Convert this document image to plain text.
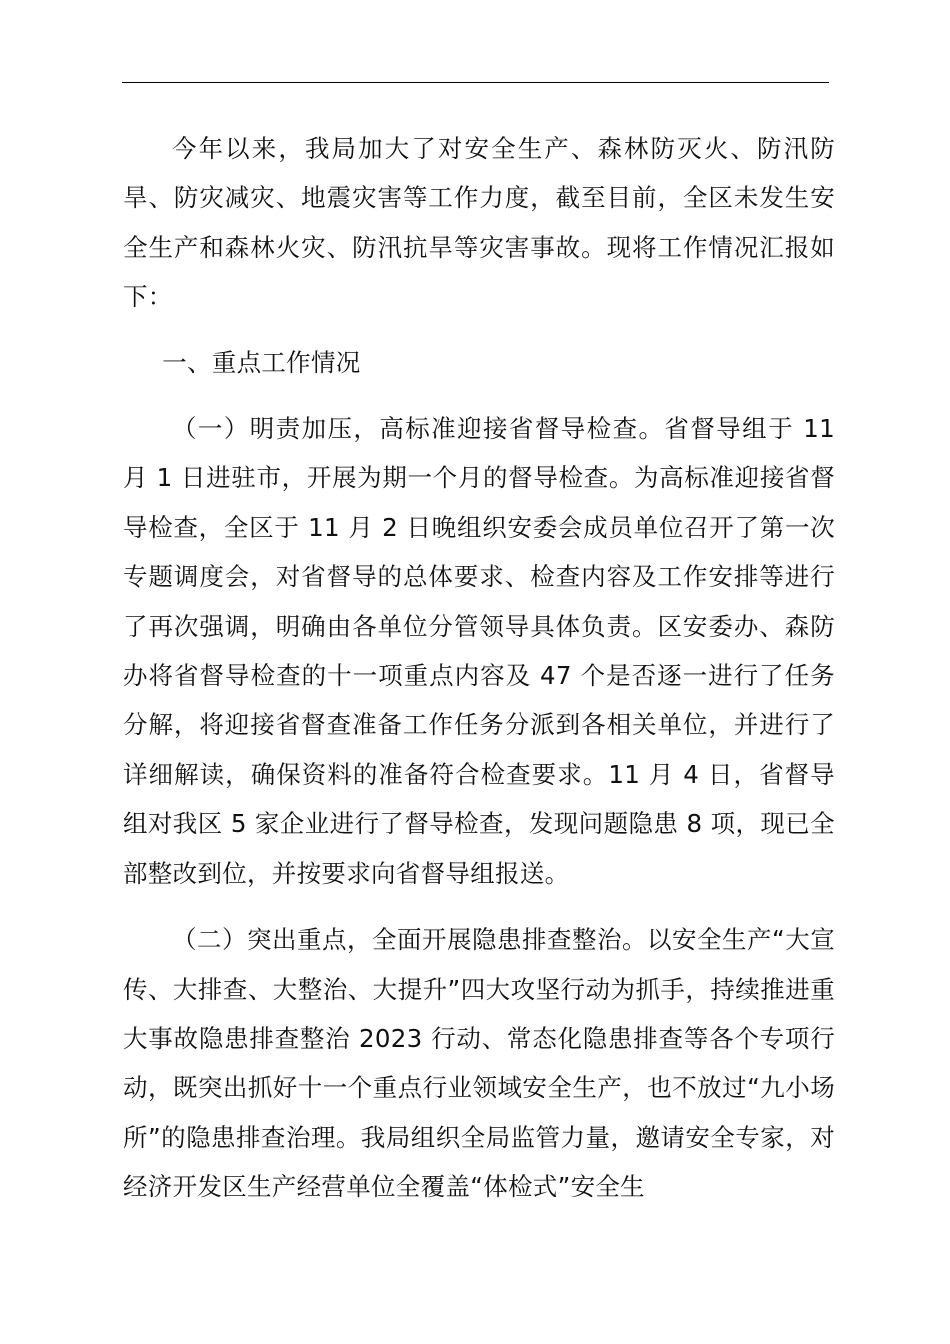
今年以来，我局加大了对安全生产、森林防灭火、防汛防旱、防灾减灾、地震灾害等工作力度，截至目前，全区未发生安全生产和森林火灾、防汛抗旱等灾害事故。现将工作情况汇报如下：

一、重点工作情况

（一）明责加压，高标准迎接省督导检查。省督导组于 11 月 1 日进驻市，开展为期一个月的督导检查。为高标准迎接省督导检查，全区于 11 月 2 日晚组织安委会成员单位召开了第一次专题调度会，对省督导的总体要求、检查内容及工作安排等进行了再次强调，明确由各单位分管领导具体负责。区安委办、森防办将省督导检查的十一项重点内容及 47 个是否逐一进行了任务分解，将迎接省督查准备工作任务分派到各相关单位，并进行了详细解读，确保资料的准备符合检查要求。11 月 4 日，省督导组对我区 5 家企业进行了督导检查，发现问题隐患 8 项，现已全部整改到位，并按要求向省督导组报送。

（二）突出重点，全面开展隐患排查整治。以安全生产“大宣传、大排查、大整治、大提升”四大攻坚行动为抓手，持续推进重大事故隐患排查整治 2023 行动、常态化隐患排查等各个专项行动，既突出抓好十一个重点行业领域安全生产，也不放过“九小场所”的隐患排查治理。我局组织全局监管力量，邀请安全专家，对经济开发区生产经营单位全覆盖“体检式”安全生
